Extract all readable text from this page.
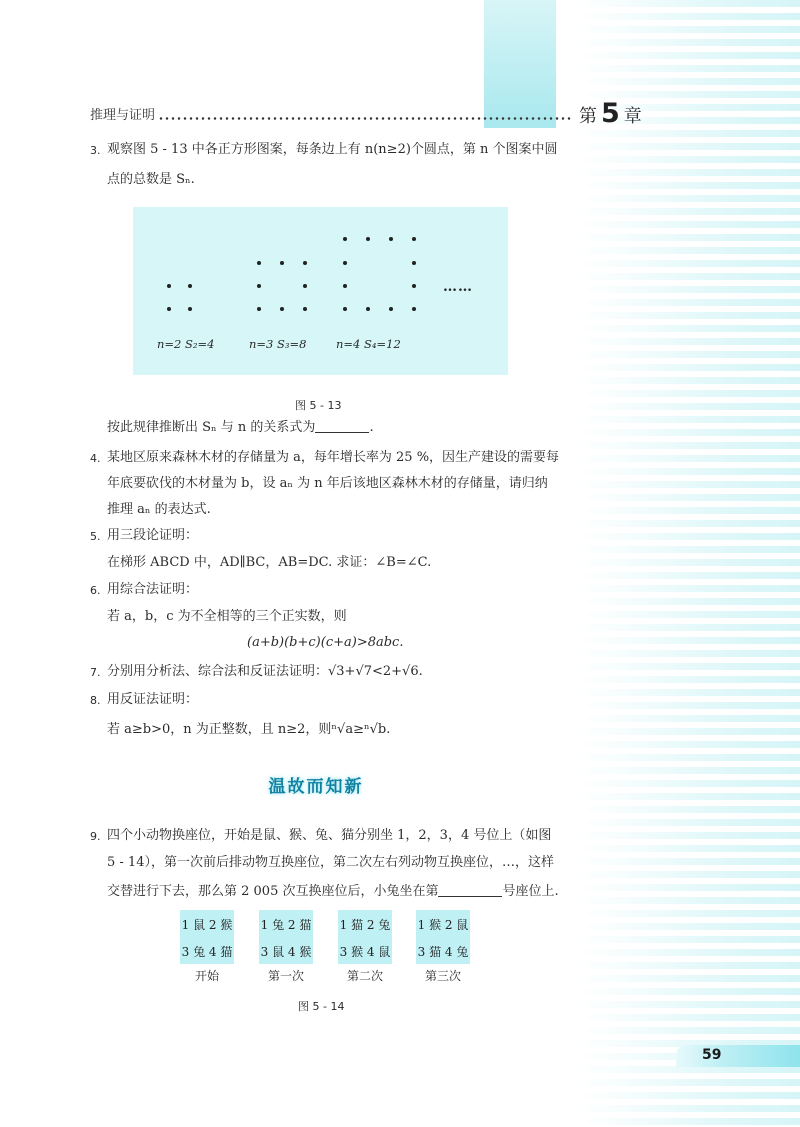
推理与证明	第 5 章
3. 观察图 5 - 13 中各正方形图案，每条边上有 n(n≥2)个圆点，第 n 个图案中圆
点的总数是 Sₙ.
……
n=2 S₂=4	n=3 S₃=8	n=4 S₄=12
图 5 - 13
按此规律推断出 Sₙ 与 n 的关系式为	.
4. 某地区原来森林木材的存储量为 a，每年增长率为 25 %，因生产建设的需要每
年底要砍伐的木材量为 b，设 aₙ 为 n 年后该地区森林木材的存储量，请归纳
推理 aₙ 的表达式.
5. 用三段论证明：
在梯形 ABCD 中，AD∥BC，AB=DC. 求证：∠B=∠C.
6. 用综合法证明：
若 a，b，c 为不全相等的三个正实数，则
(a+b)(b+c)(c+a)>8abc.
7. 分别用分析法、综合法和反证法证明：√3+√7<2+√6.
8. 用反证法证明：
若 a≥b>0，n 为正整数，且 n≥2，则ⁿ√a≥ⁿ√b.
温故而知新
9. 四个小动物换座位，开始是鼠、猴、兔、猫分别坐 1，2，3，4 号位上（如图
5 - 14），第一次前后排动物互换座位，第二次左右列动物互换座位，…，这样
交替进行下去，那么第 2 005 次互换座位后，小兔坐在第	号座位上.
1 鼠 2 猴
3 兔 4 猫
开始
1 兔 2 猫
3 鼠 4 猴
第一次
1 猫 2 兔
3 猴 4 鼠
第二次
1 猴 2 鼠
3 猫 4 兔
第三次
图 5 - 14
59
